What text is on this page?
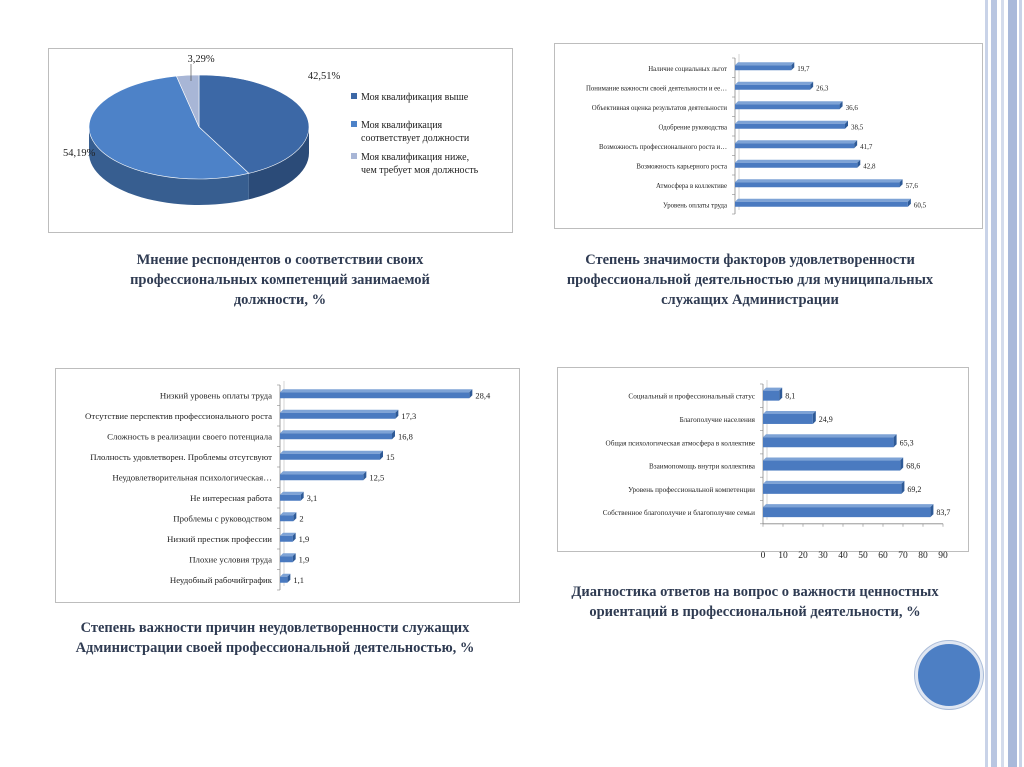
42,51%
54,19%
3,29%
Моя квалификация выше
Моя квалификация
соответствует должности
Моя квалификация ниже,
чем требует моя должность
Мнение респондентов о соответствии своих
профессиональных компетенций занимаемой
должности, %
19,7
Наличие социальных льгот
26,3
Понимание важности своей деятельности и ее…
36,6
Объективная оценка результатов деятельности
38,5
Одобрение руководства
41,7
Возможность профессионального роста и…
42,8
Возможность карьерного роста
57,6
Атмосфера в коллективе
60,5
Уровень оплаты труда
Степень значимости факторов удовлетворенности
профессиональной деятельностью для муниципальных
служащих Администрации
28,4
Низкий уровень оплаты труда
17,3
Отсутствие перспектив профессионального роста
16,8
Сложность в реализации своего потенциала
15
Плолность удовлетворен. Проблемы отсутсвуют
12,5
Неудовлетворительная психологическая…
3,1
Не интересная работа
2
Проблемы с руководством
1,9
Низкий престиж профессии
1,9
Плохие условия труда
1,1
Неудобный рабочийграфик
Степень важности причин неудовлетворенности служащих
Администрации своей профессиональной деятельностью, %
8,1
Социальный и профессиональный статус
24,9
Благополучие населения
65,3
Общая психологическая атмосфера в коллективе
68,6
Взаимопомощь внутри коллектива
69,2
Уровень профессиональной компетенции
83,7
Собственное благополучие и благополучие семьи
0 10 20 30 40 50 60 70 80 90
Диагностика ответов на вопрос о важности ценностных
ориентаций в профессиональной деятельности, %
